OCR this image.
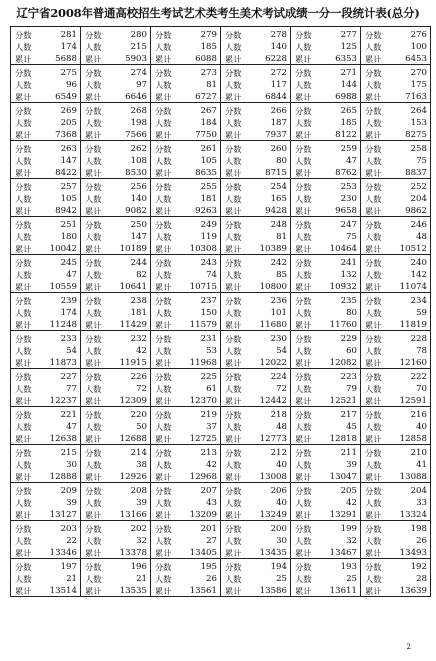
辽宁省2008年普通高校招生考试艺术类考生美术考试成绩一分一段统计表(总分)
分数	281
人数	174
累计	5688
分数	280
人数	215
累计	5903
分数	279
人数	185
累计	6088
分数	278
人数	140
累计	6228
分数	277
人数	125
累计	6353
分数	276
人数	100
累计	6453
分数	275
人数	96
累计	6549
分数	274
人数	97
累计	6646
分数	273
人数	81
累计	6727
分数	272
人数	117
累计	6844
分数	271
人数	144
累计	6988
分数	270
人数	175
累计	7163
分数	269
人数	205
累计	7368
分数	268
人数	198
累计	7566
分数	267
人数	184
累计	7750
分数	266
人数	187
累计	7937
分数	265
人数	185
累计	8122
分数	264
人数	153
累计	8275
分数	263
人数	147
累计	8422
分数	262
人数	108
累计	8530
分数	261
人数	105
累计	8635
分数	260
人数	80
累计	8715
分数	259
人数	47
累计	8762
分数	258
人数	75
累计	8837
分数	257
人数	105
累计	8942
分数	256
人数	140
累计	9082
分数	255
人数	181
累计	9263
分数	254
人数	165
累计	9428
分数	253
人数	230
累计	9658
分数	252
人数	204
累计	9862
分数	251
人数	180
累计 10042
分数	250
人数	147
累计 10189
分数	249
人数	119
累计 10308
分数	248
人数	81
累计 10389
分数	247
人数	75
累计 10464
分数	246
人数	48
累计 10512
分数	245
人数	47
累计 10559
分数	244
人数	82
累计 10641
分数	243
人数	74
累计 10715
分数	242
人数	85
累计 10800
分数	241
人数	132
累计 10932
分数	240
人数	142
累计 11074
分数	239
人数	174
累计 11248
分数	238
人数	181
累计 11429
分数	237
人数	150
累计 11579
分数	236
人数	101
累计 11680
分数	235
人数	80
累计 11760
分数	234
人数	59
累计 11819
分数	233
人数	54
累计 11873
分数	232
人数	42
累计 11915
分数	231
人数	53
累计 11968
分数	230
人数	54
累计 12022
分数	229
人数	60
累计 12082
分数	228
人数	78
累计 12160
分数	227
人数	77
累计 12237
分数	226
人数	72
累计 12309
分数	225
人数	61
累计 12370
分数	224
人数	72
累计 12442
分数	223
人数	79
累计 12521
分数	222
人数	70
累计 12591
分数	221
人数	47
累计 12638
分数	220
人数	50
累计 12688
分数	219
人数	37
累计 12725
分数	218
人数	48
累计 12773
分数	217
人数	45
累计 12818
分数	216
人数	40
累计 12858
分数	215
人数	30
累计 12888
分数	214
人数	38
累计 12926
分数	213
人数	42
累计 12968
分数	212
人数	40
累计 13008
分数	211
人数	39
累计 13047
分数	210
人数	41
累计 13088
分数	209
人数	39
累计 13127
分数	208
人数	39
累计 13166
分数	207
人数	43
累计 13209
分数	206
人数	40
累计 13249
分数	205
人数	42
累计 13291
分数	204
人数	33
累计 13324
分数	203
人数	22
累计 13346
分数	202
人数	32
累计 13378
分数	201
人数	27
累计 13405
分数	200
人数	30
累计 13435
分数	199
人数	32
累计 13467
分数	198
人数	26
累计 13493
分数	197
人数	21
累计 13514
分数	196
人数	21
累计 13535
分数	195
人数	26
累计 13561
分数	194
人数	25
累计 13586
分数	193
人数	25
累计 13611
分数	192
人数	28
累计 13639
2
